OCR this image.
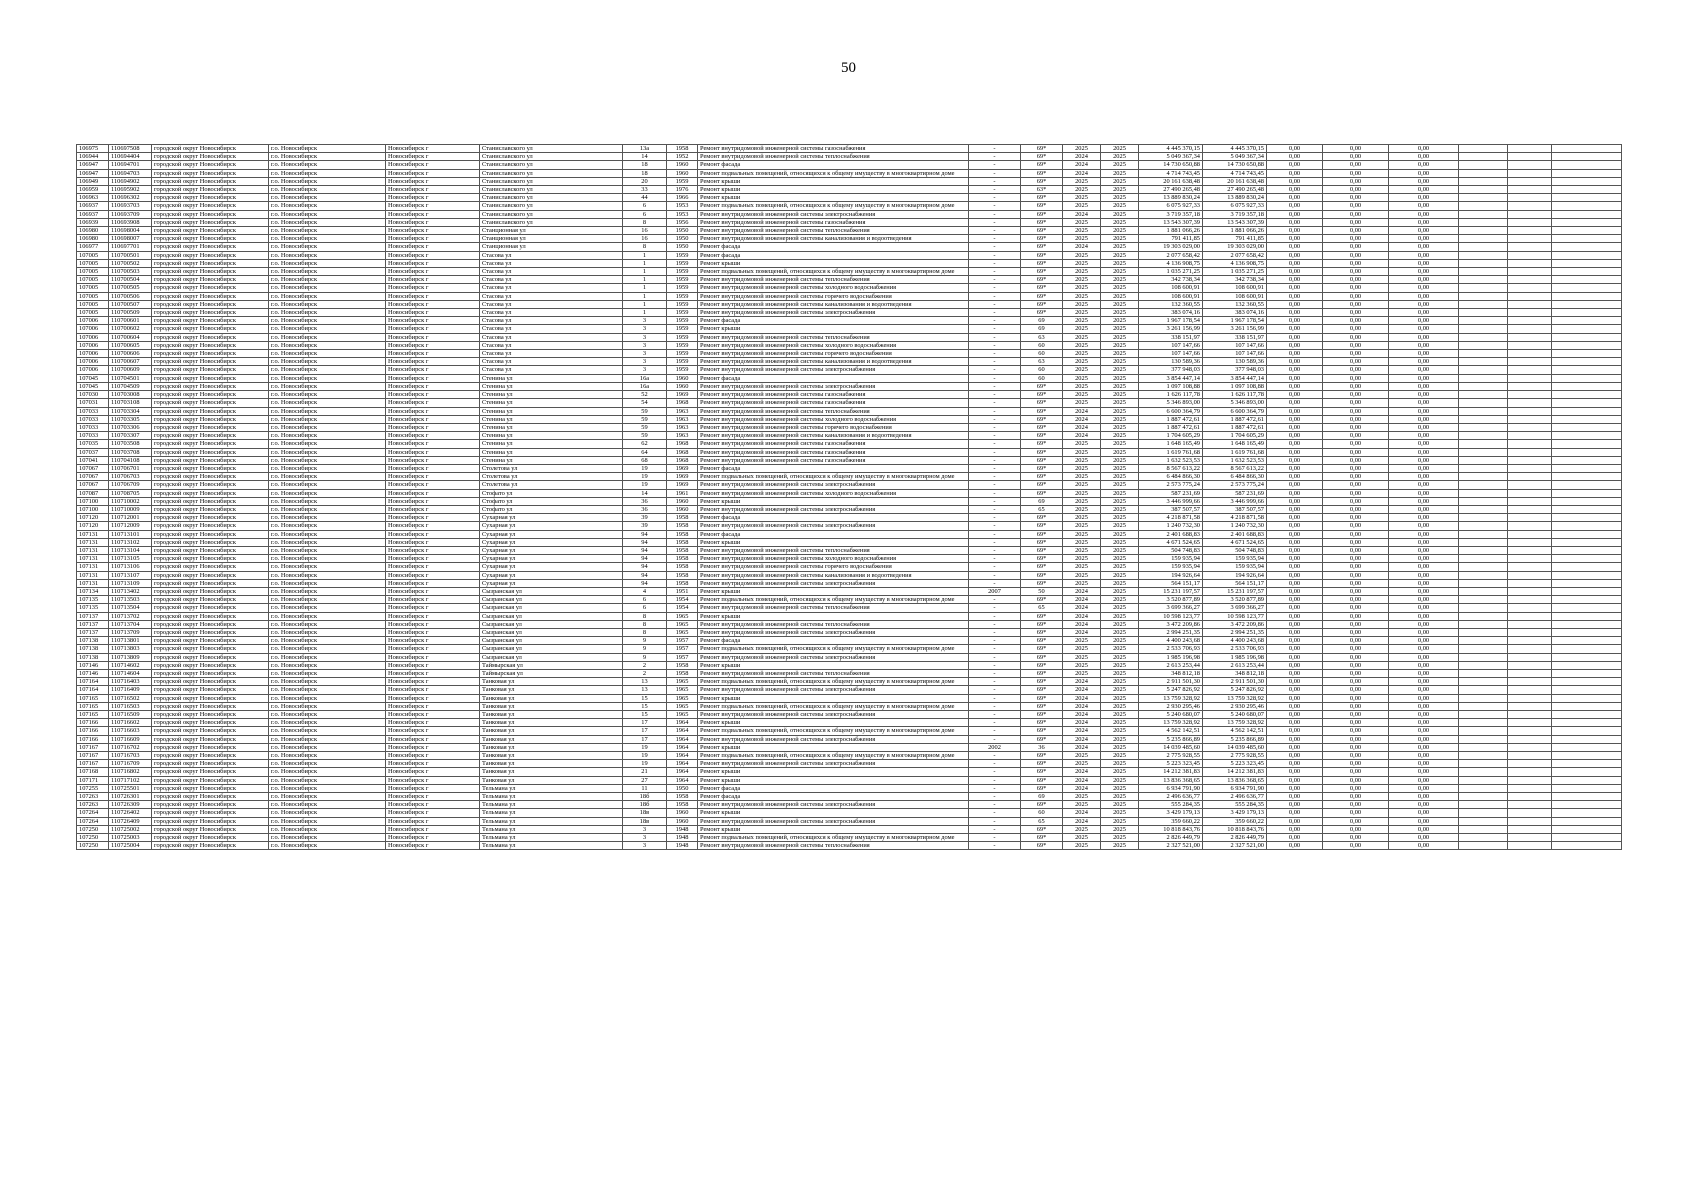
50
106975	110697508	городской округ Новосибирск	г.о. Новосибирск	Новосибирск г	Станиславского ул	13а	1958	Ремонт внутридомовой инженерной системы газоснабжения	-	69*	2025	2025	4 445 370,15	4 445 370,15	0,00	0,00	0,00			
106944	110694404	городской округ Новосибирск	г.о. Новосибирск	Новосибирск г	Станиславского ул	14	1952	Ремонт внутридомовой инженерной системы теплоснабжения	-	69*	2024	2025	5 049 367,34	5 049 367,34	0,00	0,00	0,00			
106947	110694701	городской округ Новосибирск	г.о. Новосибирск	Новосибирск г	Станиславского ул	18	1960	Ремонт фасада	-	69*	2024	2025	14 730 650,88	14 730 650,88	0,00	0,00	0,00			
106947	110694703	городской округ Новосибирск	г.о. Новосибирск	Новосибирск г	Станиславского ул	18	1960	Ремонт подвальных помещений, относящихся к общему имуществу в многоквартирном доме	-	69*	2024	2025	4 714 743,45	4 714 743,45	0,00	0,00	0,00			
106949	110694902	городской округ Новосибирск	г.о. Новосибирск	Новосибирск г	Станиславского ул	20	1959	Ремонт крыши	-	69*	2025	2025	20 161 638,48	20 161 638,48	0,00	0,00	0,00			
106959	110695902	городской округ Новосибирск	г.о. Новосибирск	Новосибирск г	Станиславского ул	33	1976	Ремонт крыши	-	63*	2025	2025	27 490 265,48	27 490 265,48	0,00	0,00	0,00			
106963	110696302	городской округ Новосибирск	г.о. Новосибирск	Новосибирск г	Станиславского ул	44	1966	Ремонт крыши	-	69*	2025	2025	13 889 830,24	13 889 830,24	0,00	0,00	0,00			
106937	110693703	городской округ Новосибирск	г.о. Новосибирск	Новосибирск г	Станиславского ул	6	1953	Ремонт подвальных помещений, относящихся к общему имуществу в многоквартирном доме	-	69*	2025	2025	6 075 927,33	6 075 927,33	0,00	0,00	0,00			
106937	110693709	городской округ Новосибирск	г.о. Новосибирск	Новосибирск г	Станиславского ул	6	1953	Ремонт внутридомовой инженерной системы электроснабжения	-	69*	2024	2025	3 719 357,18	3 719 357,18	0,00	0,00	0,00			
106939	110693908	городской округ Новосибирск	г.о. Новосибирск	Новосибирск г	Станиславского ул	8	1956	Ремонт внутридомовой инженерной системы газоснабжения	-	69*	2025	2025	13 543 307,39	13 543 307,39	0,00	0,00	0,00			
106980	110698004	городской округ Новосибирск	г.о. Новосибирск	Новосибирск г	Станционная ул	16	1950	Ремонт внутридомовой инженерной системы теплоснабжения	-	69*	2025	2025	1 881 066,26	1 881 066,26	0,00	0,00	0,00			
106980	110698007	городской округ Новосибирск	г.о. Новосибирск	Новосибирск г	Станционная ул	16	1950	Ремонт внутридомовой инженерной системы канализования и водоотведения	-	69*	2025	2025	791 411,85	791 411,85	0,00	0,00	0,00			
106977	110697701	городской округ Новосибирск	г.о. Новосибирск	Новосибирск г	Станционная ул	8	1950	Ремонт фасада	-	69*	2024	2025	19 303 029,00	19 303 029,00	0,00	0,00	0,00			
107005	110700501	городской округ Новосибирск	г.о. Новосибирск	Новосибирск г	Стасова ул	1	1959	Ремонт фасада	-	69*	2025	2025	2 077 658,42	2 077 658,42	0,00	0,00	0,00			
107005	110700502	городской округ Новосибирск	г.о. Новосибирск	Новосибирск г	Стасова ул	1	1959	Ремонт крыши	-	69*	2025	2025	4 136 908,75	4 136 908,75	0,00	0,00	0,00			
107005	110700503	городской округ Новосибирск	г.о. Новосибирск	Новосибирск г	Стасова ул	1	1959	Ремонт подвальных помещений, относящихся к общему имуществу в многоквартирном доме	-	69*	2025	2025	1 035 271,25	1 035 271,25	0,00	0,00	0,00			
107005	110700504	городской округ Новосибирск	г.о. Новосибирск	Новосибирск г	Стасова ул	1	1959	Ремонт внутридомовой инженерной системы теплоснабжения	-	69*	2025	2025	342 738,34	342 738,34	0,00	0,00	0,00			
107005	110700505	городской округ Новосибирск	г.о. Новосибирск	Новосибирск г	Стасова ул	1	1959	Ремонт внутридомовой инженерной системы холодного водоснабжения	-	69*	2025	2025	108 600,91	108 600,91	0,00	0,00	0,00			
107005	110700506	городской округ Новосибирск	г.о. Новосибирск	Новосибирск г	Стасова ул	1	1959	Ремонт внутридомовой инженерной системы горячего водоснабжения	-	69*	2025	2025	108 600,91	108 600,91	0,00	0,00	0,00			
107005	110700507	городской округ Новосибирск	г.о. Новосибирск	Новосибирск г	Стасова ул	1	1959	Ремонт внутридомовой инженерной системы канализования и водоотведения	-	69*	2025	2025	132 360,55	132 360,55	0,00	0,00	0,00			
107005	110700509	городской округ Новосибирск	г.о. Новосибирск	Новосибирск г	Стасова ул	1	1959	Ремонт внутридомовой инженерной системы электроснабжения	-	69*	2025	2025	383 074,16	383 074,16	0,00	0,00	0,00			
107006	110700601	городской округ Новосибирск	г.о. Новосибирск	Новосибирск г	Стасова ул	3	1959	Ремонт фасада	-	69	2025	2025	1 967 178,54	1 967 178,54	0,00	0,00	0,00			
107006	110700602	городской округ Новосибирск	г.о. Новосибирск	Новосибирск г	Стасова ул	3	1959	Ремонт крыши	-	69	2025	2025	3 261 156,99	3 261 156,99	0,00	0,00	0,00			
107006	110700604	городской округ Новосибирск	г.о. Новосибирск	Новосибирск г	Стасова ул	3	1959	Ремонт внутридомовой инженерной системы теплоснабжения	-	63	2025	2025	338 151,97	338 151,97	0,00	0,00	0,00			
107006	110700605	городской округ Новосибирск	г.о. Новосибирск	Новосибирск г	Стасова ул	3	1959	Ремонт внутридомовой инженерной системы холодного водоснабжения	-	60	2025	2025	107 147,66	107 147,66	0,00	0,00	0,00			
107006	110700606	городской округ Новосибирск	г.о. Новосибирск	Новосибирск г	Стасова ул	3	1959	Ремонт внутридомовой инженерной системы горячего водоснабжения	-	60	2025	2025	107 147,66	107 147,66	0,00	0,00	0,00			
107006	110700607	городской округ Новосибирск	г.о. Новосибирск	Новосибирск г	Стасова ул	3	1959	Ремонт внутридомовой инженерной системы канализования и водоотведения	-	63	2025	2025	130 589,36	130 589,36	0,00	0,00	0,00			
107006	110700609	городской округ Новосибирск	г.о. Новосибирск	Новосибирск г	Стасова ул	3	1959	Ремонт внутридомовой инженерной системы электроснабжения	-	60	2025	2025	377 948,03	377 948,03	0,00	0,00	0,00			
107045	110704501	городской округ Новосибирск	г.о. Новосибирск	Новосибирск г	Стенина ул	16а	1960	Ремонт фасада	-	60	2025	2025	3 854 447,14	3 854 447,14	0,00	0,00	0,00			
107045	110704509	городской округ Новосибирск	г.о. Новосибирск	Новосибирск г	Стенина ул	16а	1960	Ремонт внутридомовой инженерной системы электроснабжения	-	69*	2025	2025	1 097 108,88	1 097 108,88	0,00	0,00	0,00			
107030	110703008	городской округ Новосибирск	г.о. Новосибирск	Новосибирск г	Стенина ул	52	1969	Ремонт внутридомовой инженерной системы газоснабжения	-	69*	2025	2025	1 626 117,78	1 626 117,78	0,00	0,00	0,00			
107031	110703108	городской округ Новосибирск	г.о. Новосибирск	Новосибирск г	Стенина ул	54	1968	Ремонт внутридомовой инженерной системы газоснабжения	-	69*	2025	2025	5 346 893,00	5 346 893,00	0,00	0,00	0,00			
107033	110703304	городской округ Новосибирск	г.о. Новосибирск	Новосибирск г	Стенина ул	59	1963	Ремонт внутридомовой инженерной системы теплоснабжения	-	69*	2024	2025	6 600 364,79	6 600 364,79	0,00	0,00	0,00			
107033	110703305	городской округ Новосибирск	г.о. Новосибирск	Новосибирск г	Стенина ул	59	1963	Ремонт внутридомовой инженерной системы холодного водоснабжения	-	69*	2024	2025	1 887 472,61	1 887 472,61	0,00	0,00	0,00			
107033	110703306	городской округ Новосибирск	г.о. Новосибирск	Новосибирск г	Стенина ул	59	1963	Ремонт внутридомовой инженерной системы горячего водоснабжения	-	69*	2024	2025	1 887 472,61	1 887 472,61	0,00	0,00	0,00			
107033	110703307	городской округ Новосибирск	г.о. Новосибирск	Новосибирск г	Стенина ул	59	1963	Ремонт внутридомовой инженерной системы канализования и водоотведения	-	69*	2024	2025	1 704 605,29	1 704 605,29	0,00	0,00	0,00			
107035	110703508	городской округ Новосибирск	г.о. Новосибирск	Новосибирск г	Стенина ул	62	1968	Ремонт внутридомовой инженерной системы газоснабжения	-	69*	2025	2025	1 648 165,49	1 648 165,49	0,00	0,00	0,00			
107037	110703708	городской округ Новосибирск	г.о. Новосибирск	Новосибирск г	Стенина ул	64	1968	Ремонт внутридомовой инженерной системы газоснабжения	-	69*	2025	2025	1 619 761,68	1 619 761,68	0,00	0,00	0,00			
107041	110704108	городской округ Новосибирск	г.о. Новосибирск	Новосибирск г	Стенина ул	68	1968	Ремонт внутридомовой инженерной системы газоснабжения	-	69*	2025	2025	1 632 523,53	1 632 523,53	0,00	0,00	0,00			
107067	110706701	городской округ Новосибирск	г.о. Новосибирск	Новосибирск г	Столетова ул	19	1969	Ремонт фасада	-	69*	2025	2025	8 567 613,22	8 567 613,22	0,00	0,00	0,00			
107067	110706703	городской округ Новосибирск	г.о. Новосибирск	Новосибирск г	Столетова ул	19	1969	Ремонт подвальных помещений, относящихся к общему имуществу в многоквартирном доме	-	69*	2025	2025	6 484 866,30	6 484 866,30	0,00	0,00	0,00			
107067	110706709	городской округ Новосибирск	г.о. Новосибирск	Новосибирск г	Столетова ул	19	1969	Ремонт внутридомовой инженерной системы электроснабжения	-	69*	2025	2025	2 573 775,24	2 573 775,24	0,00	0,00	0,00			
107087	110708705	городской округ Новосибирск	г.о. Новосибирск	Новосибирск г	Стофато ул	14	1961	Ремонт внутридомовой инженерной системы холодного водоснабжения	-	69*	2025	2025	587 231,69	587 231,69	0,00	0,00	0,00			
107100	110710002	городской округ Новосибирск	г.о. Новосибирск	Новосибирск г	Стофато ул	36	1960	Ремонт крыши	-	69	2025	2025	3 446 999,66	3 446 999,66	0,00	0,00	0,00			
107100	110710009	городской округ Новосибирск	г.о. Новосибирск	Новосибирск г	Стофато ул	36	1960	Ремонт внутридомовой инженерной системы электроснабжения	-	65	2025	2025	387 507,57	387 507,57	0,00	0,00	0,00			
107120	110712001	городской округ Новосибирск	г.о. Новосибирск	Новосибирск г	Сухарная ул	39	1958	Ремонт фасада	-	69*	2025	2025	4 218 871,58	4 218 871,58	0,00	0,00	0,00			
107120	110712009	городской округ Новосибирск	г.о. Новосибирск	Новосибирск г	Сухарная ул	39	1958	Ремонт внутридомовой инженерной системы электроснабжения	-	69*	2025	2025	1 240 732,30	1 240 732,30	0,00	0,00	0,00			
107131	110713101	городской округ Новосибирск	г.о. Новосибирск	Новосибирск г	Сухарная ул	94	1958	Ремонт фасада	-	69*	2025	2025	2 401 688,83	2 401 688,83	0,00	0,00	0,00			
107131	110713102	городской округ Новосибирск	г.о. Новосибирск	Новосибирск г	Сухарная ул	94	1958	Ремонт крыши	-	69*	2025	2025	4 671 524,65	4 671 524,65	0,00	0,00	0,00			
107131	110713104	городской округ Новосибирск	г.о. Новосибирск	Новосибирск г	Сухарная ул	94	1958	Ремонт внутридомовой инженерной системы теплоснабжения	-	69*	2025	2025	504 748,83	504 748,83	0,00	0,00	0,00			
107131	110713105	городской округ Новосибирск	г.о. Новосибирск	Новосибирск г	Сухарная ул	94	1958	Ремонт внутридомовой инженерной системы холодного водоснабжения	-	69*	2025	2025	159 935,94	159 935,94	0,00	0,00	0,00			
107131	110713106	городской округ Новосибирск	г.о. Новосибирск	Новосибирск г	Сухарная ул	94	1958	Ремонт внутридомовой инженерной системы горячего водоснабжения	-	69*	2025	2025	159 935,94	159 935,94	0,00	0,00	0,00			
107131	110713107	городской округ Новосибирск	г.о. Новосибирск	Новосибирск г	Сухарная ул	94	1958	Ремонт внутридомовой инженерной системы канализования и водоотведения	-	69*	2025	2025	194 926,64	194 926,64	0,00	0,00	0,00			
107131	110713109	городской округ Новосибирск	г.о. Новосибирск	Новосибирск г	Сухарная ул	94	1958	Ремонт внутридомовой инженерной системы электроснабжения	-	69*	2025	2025	564 151,17	564 151,17	0,00	0,00	0,00			
107134	110713402	городской округ Новосибирск	г.о. Новосибирск	Новосибирск г	Сызранская ул	4	1951	Ремонт крыши	2007	50	2024	2025	15 231 197,57	15 231 197,57	0,00	0,00	0,00			
107135	110713503	городской округ Новосибирск	г.о. Новосибирск	Новосибирск г	Сызранская ул	6	1954	Ремонт подвальных помещений, относящихся к общему имуществу в многоквартирном доме	-	69*	2024	2025	3 520 877,89	3 520 877,89	0,00	0,00	0,00			
107135	110713504	городской округ Новосибирск	г.о. Новосибирск	Новосибирск г	Сызранская ул	6	1954	Ремонт внутридомовой инженерной системы теплоснабжения	-	65	2024	2025	3 699 366,27	3 699 366,27	0,00	0,00	0,00			
107137	110713702	городской округ Новосибирск	г.о. Новосибирск	Новосибирск г	Сызранская ул	8	1965	Ремонт крыши	-	69*	2024	2025	10 598 123,77	10 598 123,77	0,00	0,00	0,00			
107137	110713704	городской округ Новосибирск	г.о. Новосибирск	Новосибирск г	Сызранская ул	8	1965	Ремонт внутридомовой инженерной системы теплоснабжения	-	69*	2024	2025	3 472 209,86	3 472 209,86	0,00	0,00	0,00			
107137	110713709	городской округ Новосибирск	г.о. Новосибирск	Новосибирск г	Сызранская ул	8	1965	Ремонт внутридомовой инженерной системы электроснабжения	-	69*	2024	2025	2 994 251,35	2 994 251,35	0,00	0,00	0,00			
107138	110713801	городской округ Новосибирск	г.о. Новосибирск	Новосибирск г	Сызранская ул	9	1957	Ремонт фасада	-	69*	2025	2025	4 400 243,68	4 400 243,68	0,00	0,00	0,00			
107138	110713803	городской округ Новосибирск	г.о. Новосибирск	Новосибирск г	Сызранская ул	9	1957	Ремонт подвальных помещений, относящихся к общему имуществу в многоквартирном доме	-	69*	2025	2025	2 533 706,93	2 533 706,93	0,00	0,00	0,00			
107138	110713809	городской округ Новосибирск	г.о. Новосибирск	Новосибирск г	Сызранская ул	9	1957	Ремонт внутридомовой инженерной системы электроснабжения	-	69*	2025	2025	1 985 196,98	1 985 196,98	0,00	0,00	0,00			
107146	110714602	городской округ Новосибирск	г.о. Новосибирск	Новосибирск г	Таймырская ул	2	1958	Ремонт крыши	-	69*	2025	2025	2 613 253,44	2 613 253,44	0,00	0,00	0,00			
107146	110714604	городской округ Новосибирск	г.о. Новосибирск	Новосибирск г	Таймырская ул	2	1958	Ремонт внутридомовой инженерной системы теплоснабжения	-	69*	2025	2025	348 812,18	348 812,18	0,00	0,00	0,00			
107164	110716403	городской округ Новосибирск	г.о. Новосибирск	Новосибирск г	Танковая ул	13	1965	Ремонт подвальных помещений, относящихся к общему имуществу в многоквартирном доме	-	69*	2024	2025	2 911 501,30	2 911 501,30	0,00	0,00	0,00			
107164	110716409	городской округ Новосибирск	г.о. Новосибирск	Новосибирск г	Танковая ул	13	1965	Ремонт внутридомовой инженерной системы электроснабжения	-	69*	2024	2025	5 247 826,92	5 247 826,92	0,00	0,00	0,00			
107165	110716502	городской округ Новосибирск	г.о. Новосибирск	Новосибирск г	Танковая ул	15	1965	Ремонт крыши	-	69*	2024	2025	13 759 328,92	13 759 328,92	0,00	0,00	0,00			
107165	110716503	городской округ Новосибирск	г.о. Новосибирск	Новосибирск г	Танковая ул	15	1965	Ремонт подвальных помещений, относящихся к общему имуществу в многоквартирном доме	-	69*	2024	2025	2 930 295,46	2 930 295,46	0,00	0,00	0,00			
107165	110716509	городской округ Новосибирск	г.о. Новосибирск	Новосибирск г	Танковая ул	15	1965	Ремонт внутридомовой инженерной системы электроснабжения	-	69*	2024	2025	5 240 680,07	5 240 680,07	0,00	0,00	0,00			
107166	110716602	городской округ Новосибирск	г.о. Новосибирск	Новосибирск г	Танковая ул	17	1964	Ремонт крыши	-	69*	2024	2025	13 759 328,92	13 759 328,92	0,00	0,00	0,00			
107166	110716603	городской округ Новосибирск	г.о. Новосибирск	Новосибирск г	Танковая ул	17	1964	Ремонт подвальных помещений, относящихся к общему имуществу в многоквартирном доме	-	69*	2024	2025	4 562 142,51	4 562 142,51	0,00	0,00	0,00			
107166	110716609	городской округ Новосибирск	г.о. Новосибирск	Новосибирск г	Танковая ул	17	1964	Ремонт внутридомовой инженерной системы электроснабжения	-	69*	2024	2025	5 235 866,89	5 235 866,89	0,00	0,00	0,00			
107167	110716702	городской округ Новосибирск	г.о. Новосибирск	Новосибирск г	Танковая ул	19	1964	Ремонт крыши	2002	36	2024	2025	14 039 485,60	14 039 485,60	0,00	0,00	0,00			
107167	110716703	городской округ Новосибирск	г.о. Новосибирск	Новосибирск г	Танковая ул	19	1964	Ремонт подвальных помещений, относящихся к общему имуществу в многоквартирном доме	-	69*	2025	2025	2 775 928,55	2 775 928,55	0,00	0,00	0,00			
107167	110716709	городской округ Новосибирск	г.о. Новосибирск	Новосибирск г	Танковая ул	19	1964	Ремонт внутридомовой инженерной системы электроснабжения	-	69*	2025	2025	5 223 323,45	5 223 323,45	0,00	0,00	0,00			
107168	110716802	городской округ Новосибирск	г.о. Новосибирск	Новосибирск г	Танковая ул	21	1964	Ремонт крыши	-	69*	2024	2025	14 212 381,83	14 212 381,83	0,00	0,00	0,00			
107171	110717102	городской округ Новосибирск	г.о. Новосибирск	Новосибирск г	Танковая ул	27	1964	Ремонт крыши	-	69*	2024	2025	13 836 368,65	13 836 368,65	0,00	0,00	0,00			
107255	110725501	городской округ Новосибирск	г.о. Новосибирск	Новосибирск г	Тельмана ул	11	1950	Ремонт фасада	-	69*	2024	2025	6 934 791,90	6 934 791,90	0,00	0,00	0,00			
107263	110726301	городской округ Новосибирск	г.о. Новосибирск	Новосибирск г	Тельмана ул	18б	1958	Ремонт фасада	-	69	2025	2025	2 496 636,77	2 496 636,77	0,00	0,00	0,00			
107263	110726309	городской округ Новосибирск	г.о. Новосибирск	Новосибирск г	Тельмана ул	18б	1958	Ремонт внутридомовой инженерной системы электроснабжения	-	69*	2025	2025	555 284,35	555 284,35	0,00	0,00	0,00			
107264	110726402	городской округ Новосибирск	г.о. Новосибирск	Новосибирск г	Тельмана ул	18в	1960	Ремонт крыши	-	60	2024	2025	3 429 179,13	3 429 179,13	0,00	0,00	0,00			
107264	110726409	городской округ Новосибирск	г.о. Новосибирск	Новосибирск г	Тельмана ул	18в	1960	Ремонт внутридомовой инженерной системы электроснабжения	-	65	2024	2025	359 660,22	359 660,22	0,00	0,00	0,00			
107250	110725002	городской округ Новосибирск	г.о. Новосибирск	Новосибирск г	Тельмана ул	3	1948	Ремонт крыши	-	69*	2025	2025	10 818 843,76	10 818 843,76	0,00	0,00	0,00			
107250	110725003	городской округ Новосибирск	г.о. Новосибирск	Новосибирск г	Тельмана ул	3	1948	Ремонт подвальных помещений, относящихся к общему имуществу в многоквартирном доме	-	69*	2025	2025	2 826 449,79	2 826 449,79	0,00	0,00	0,00			
107250	110725004	городской округ Новосибирск	г.о. Новосибирск	Новосибирск г	Тельмана ул	3	1948	Ремонт внутридомовой инженерной системы теплоснабжения	-	69*	2025	2025	2 327 521,00	2 327 521,00	0,00	0,00	0,00			
